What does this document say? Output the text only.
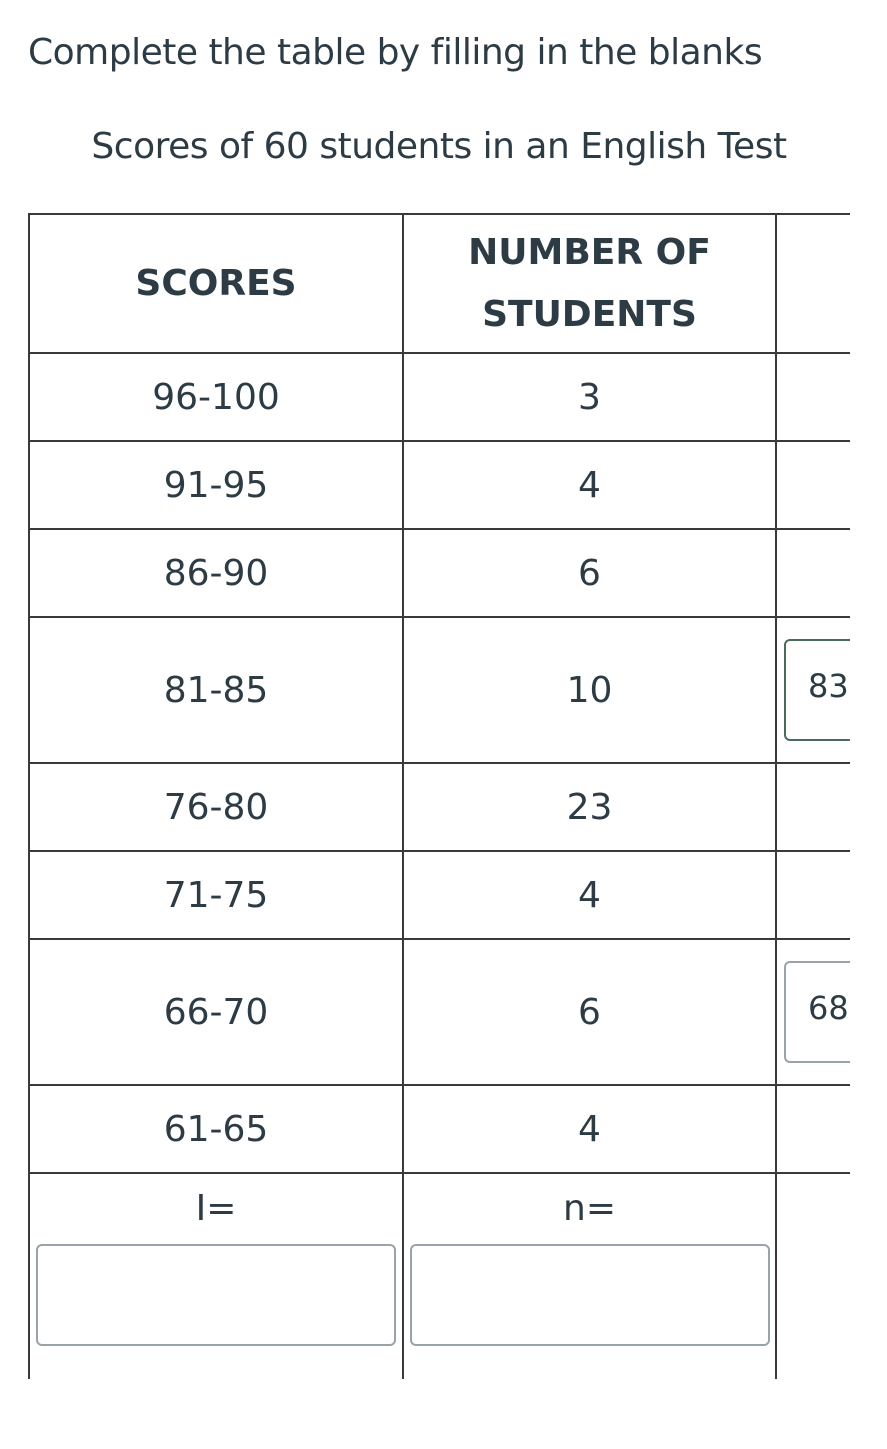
Complete the table by filling in the blanks
Scores of 60 students in an English Test
SCORES	NUMBER OF
STUDENTS	
96-100	3	
91-95	4	
86-90	6	
81-85	10	83

76-80	23	
71-75	4	
66-70	6	68

61-65	4	

I=	n=	
